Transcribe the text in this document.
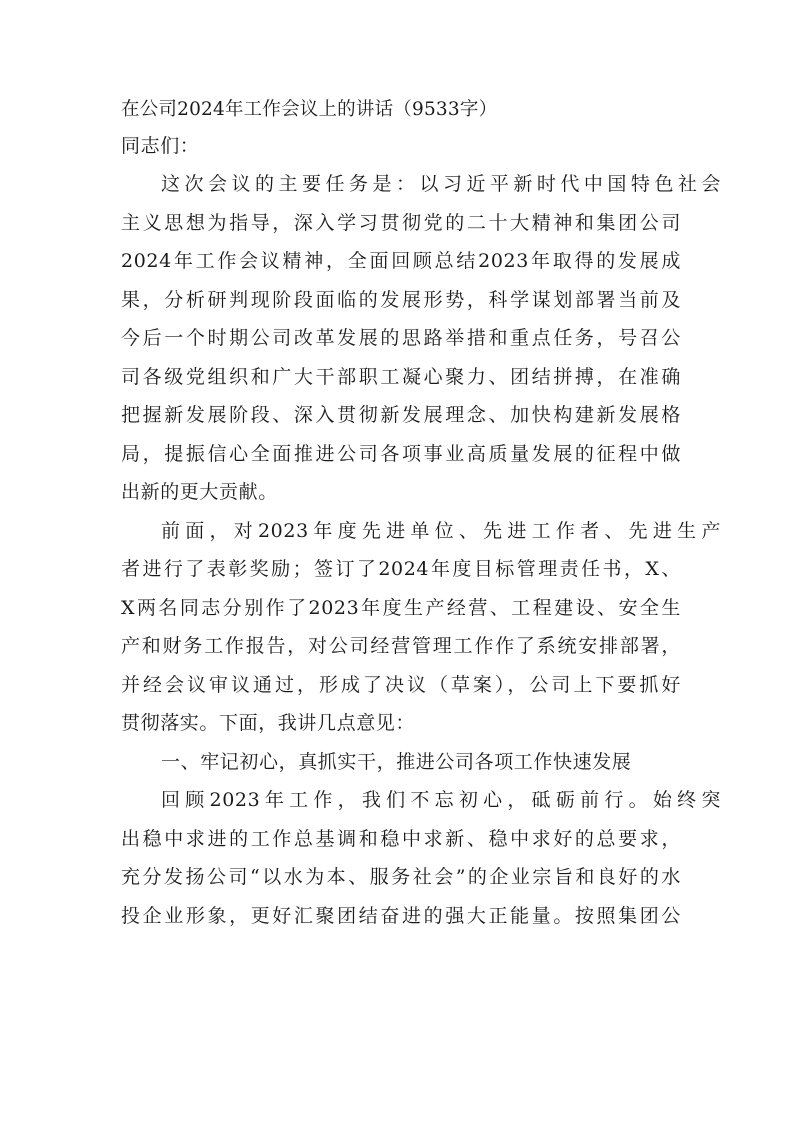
在公司2024年工作会议上的讲话（9533字）
同志们：
这次会议的主要任务是：以习近平新时代中国特色社会
主义思想为指导，深入学习贯彻党的二十大精神和集团公司
2024年工作会议精神，全面回顾总结2023年取得的发展成
果，分析研判现阶段面临的发展形势，科学谋划部署当前及
今后一个时期公司改革发展的思路举措和重点任务，号召公
司各级党组织和广大干部职工凝心聚力、团结拼搏，在准确
把握新发展阶段、深入贯彻新发展理念、加快构建新发展格
局，提振信心全面推进公司各项事业高质量发展的征程中做
出新的更大贡献。
前面，对2023年度先进单位、先进工作者、先进生产
者进行了表彰奖励；签订了2024年度目标管理责任书，X、
X两名同志分别作了2023年度生产经营、工程建设、安全生
产和财务工作报告，对公司经营管理工作作了系统安排部署，
并经会议审议通过，形成了决议（草案），公司上下要抓好
贯彻落实。下面，我讲几点意见：
一、牢记初心，真抓实干，推进公司各项工作快速发展
回顾2023年工作，我们不忘初心，砥砺前行。始终突
出稳中求进的工作总基调和稳中求新、稳中求好的总要求，
充分发扬公司“以水为本、服务社会”的企业宗旨和良好的水
投企业形象，更好汇聚团结奋进的强大正能量。按照集团公
